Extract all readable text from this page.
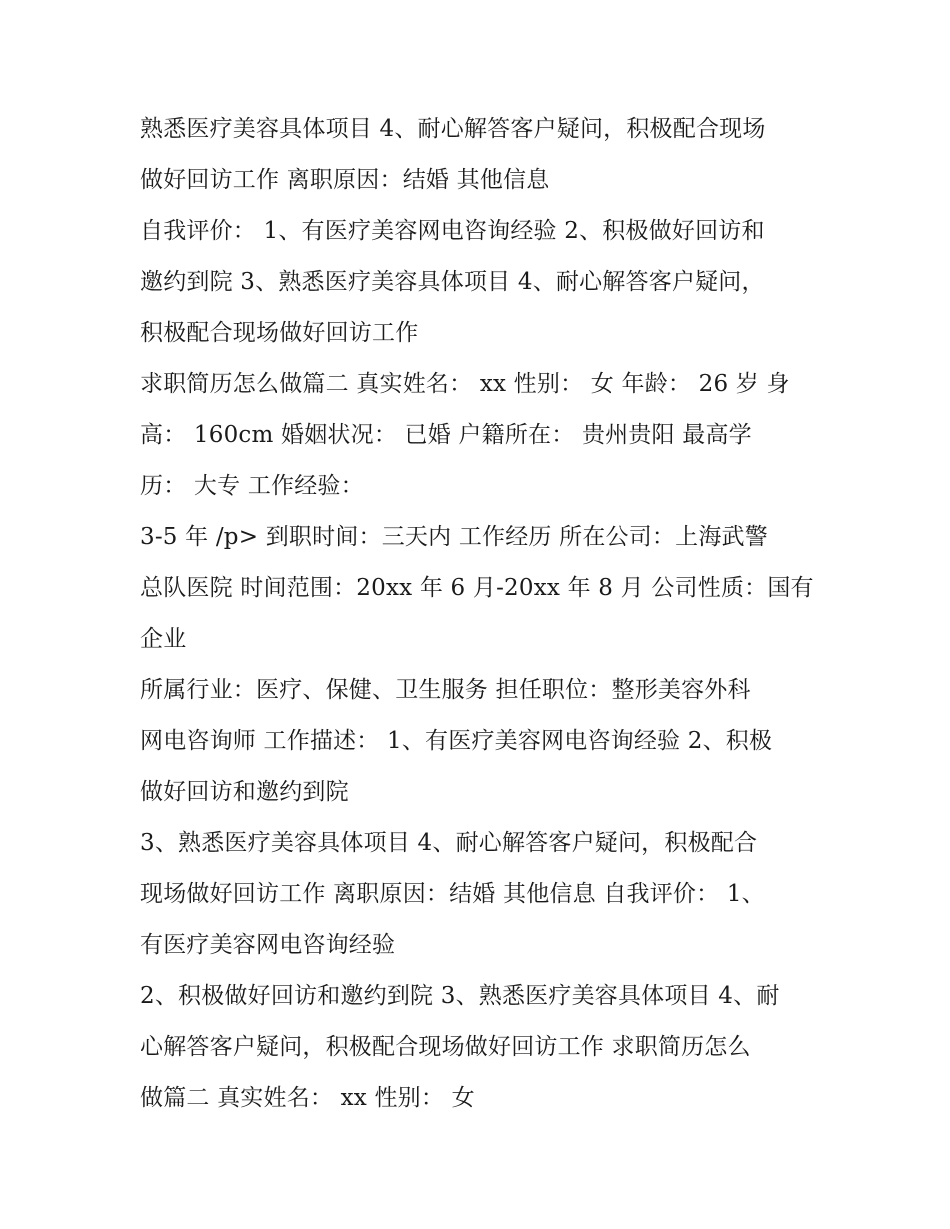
熟悉医疗美容具体项目 4、耐心解答客户疑问，积极配合现场
做好回访工作 离职原因：结婚 其他信息
自我评价： 1、有医疗美容网电咨询经验 2、积极做好回访和
邀约到院 3、熟悉医疗美容具体项目 4、耐心解答客户疑问，
积极配合现场做好回访工作
求职简历怎么做篇二 真实姓名： xx 性别： 女 年龄： 26 岁 身
高： 160cm 婚姻状况： 已婚 户籍所在： 贵州贵阳 最高学
历： 大专 工作经验：
3-5 年 /p> 到职时间：三天内 工作经历 所在公司：上海武警
总队医院 时间范围：20xx 年 6 月-20xx 年 8 月 公司性质：国有
企业
所属行业：医疗、保健、卫生服务 担任职位：整形美容外科
网电咨询师 工作描述： 1、有医疗美容网电咨询经验 2、积极
做好回访和邀约到院
3、熟悉医疗美容具体项目 4、耐心解答客户疑问，积极配合
现场做好回访工作 离职原因：结婚 其他信息 自我评价： 1、
有医疗美容网电咨询经验
2、积极做好回访和邀约到院 3、熟悉医疗美容具体项目 4、耐
心解答客户疑问，积极配合现场做好回访工作 求职简历怎么
做篇二 真实姓名： xx 性别： 女
